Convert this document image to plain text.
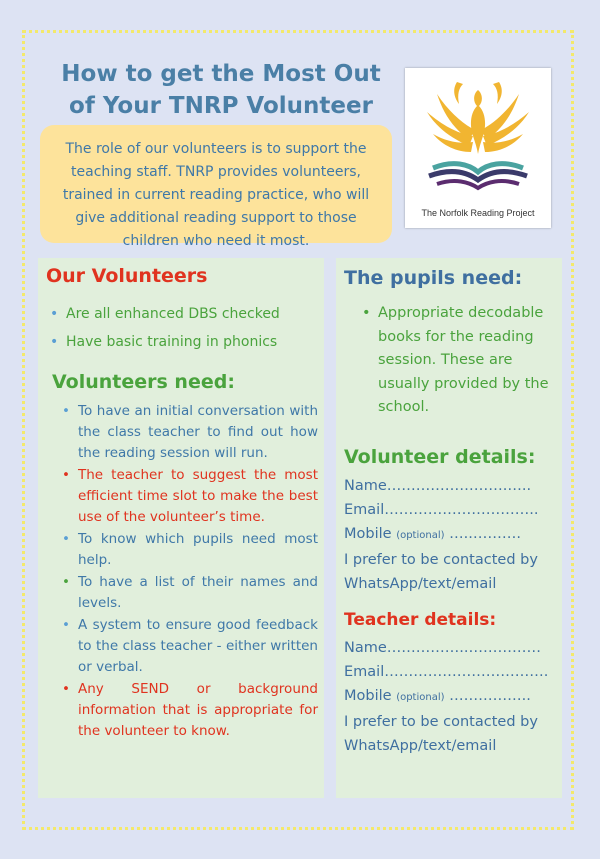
How to get the Most Out
of Your TNRP Volunteer
The role of our volunteers is to support the teaching staff. TNRP provides volunteers, trained in current reading practice, who will give additional reading support to those children who need it most.
The Norfolk Reading Project
Our Volunteers
• Are all enhanced DBS checked
• Have basic training in phonics
Volunteers need:
• To have an initial conversation with the class teacher to find out how the reading session will run.
• The teacher to suggest the most efficient time slot to make the best use of the volunteer’s time.
• To know which pupils need most help.
• To have a list of their names and levels.
• A system to ensure good feedback to the class teacher - either written or verbal.
• Any SEND or background information that is appropriate for the volunteer to know.
The pupils need:
• Appropriate decodable books for the reading session. These are usually provided by the school.
Volunteer details:
Name…………………….…..
Email…………………………..
Mobile (optional) …..……….
I prefer to be contacted by WhatsApp/text/email
Teacher details:
Name……………..……………
Email…………………………….
Mobile (optional) ……………..
I prefer to be contacted by WhatsApp/text/email
